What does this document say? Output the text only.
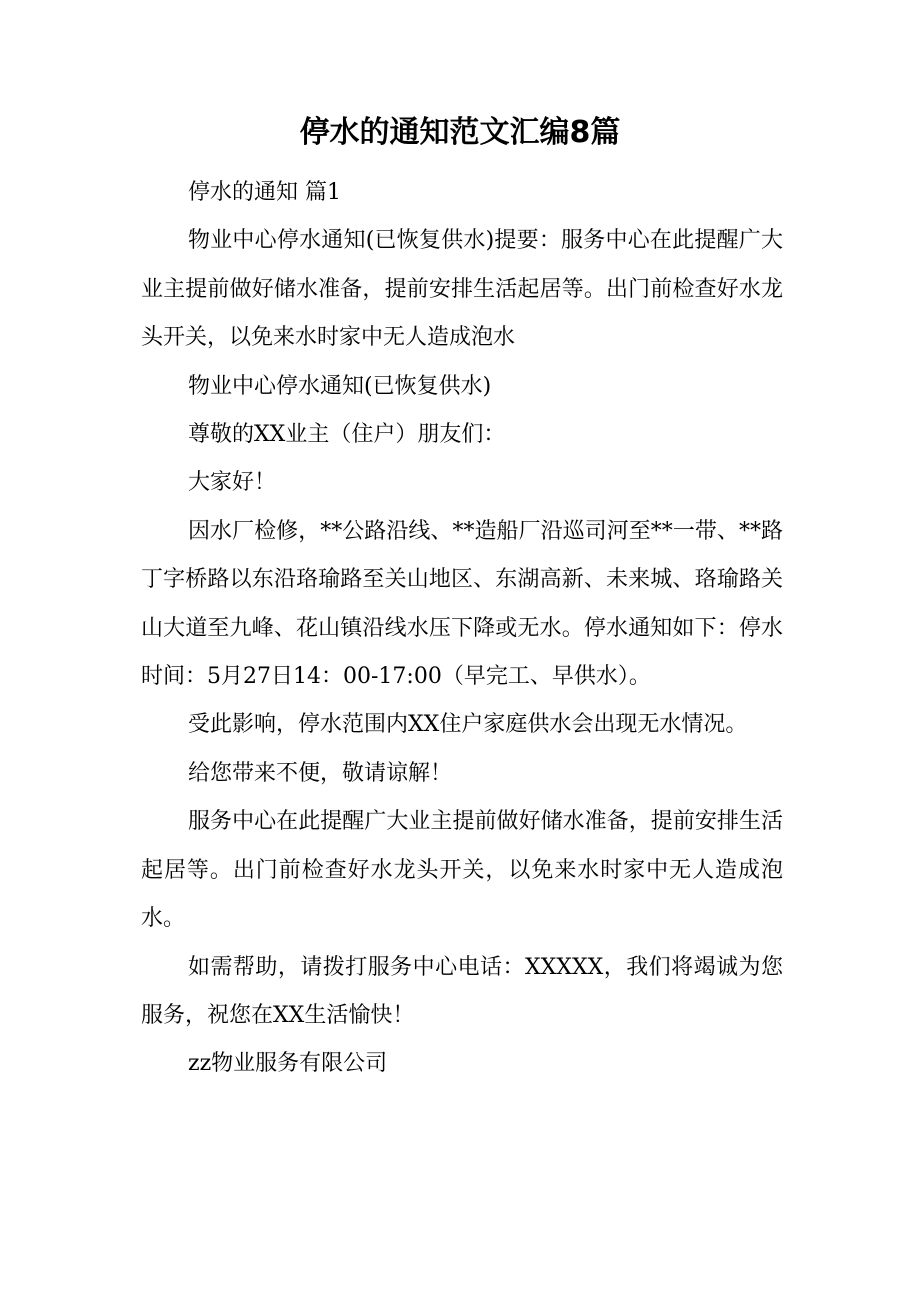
停水的通知范文汇编8篇

停水的通知 篇1

物业中心停水通知(已恢复供水)提要：服务中心在此提醒广大业主提前做好储水准备，提前安排生活起居等。出门前检查好水龙头开关，以免来水时家中无人造成泡水

物业中心停水通知(已恢复供水)

尊敬的XX业主（住户）朋友们：

大家好！

因水厂检修，**公路沿线、**造船厂沿巡司河至**一带、**路丁字桥路以东沿珞瑜路至关山地区、东湖高新、未来城、珞瑜路关山大道至九峰、花山镇沿线水压下降或无水。停水通知如下：停水时间：5月27日14：00-17:00（早完工、早供水）。

受此影响，停水范围内XX住户家庭供水会出现无水情况。

给您带来不便，敬请谅解！

服务中心在此提醒广大业主提前做好储水准备，提前安排生活起居等。出门前检查好水龙头开关，以免来水时家中无人造成泡水。

如需帮助，请拨打服务中心电话：XXXXX，我们将竭诚为您服务，祝您在XX生活愉快！

zz物业服务有限公司
